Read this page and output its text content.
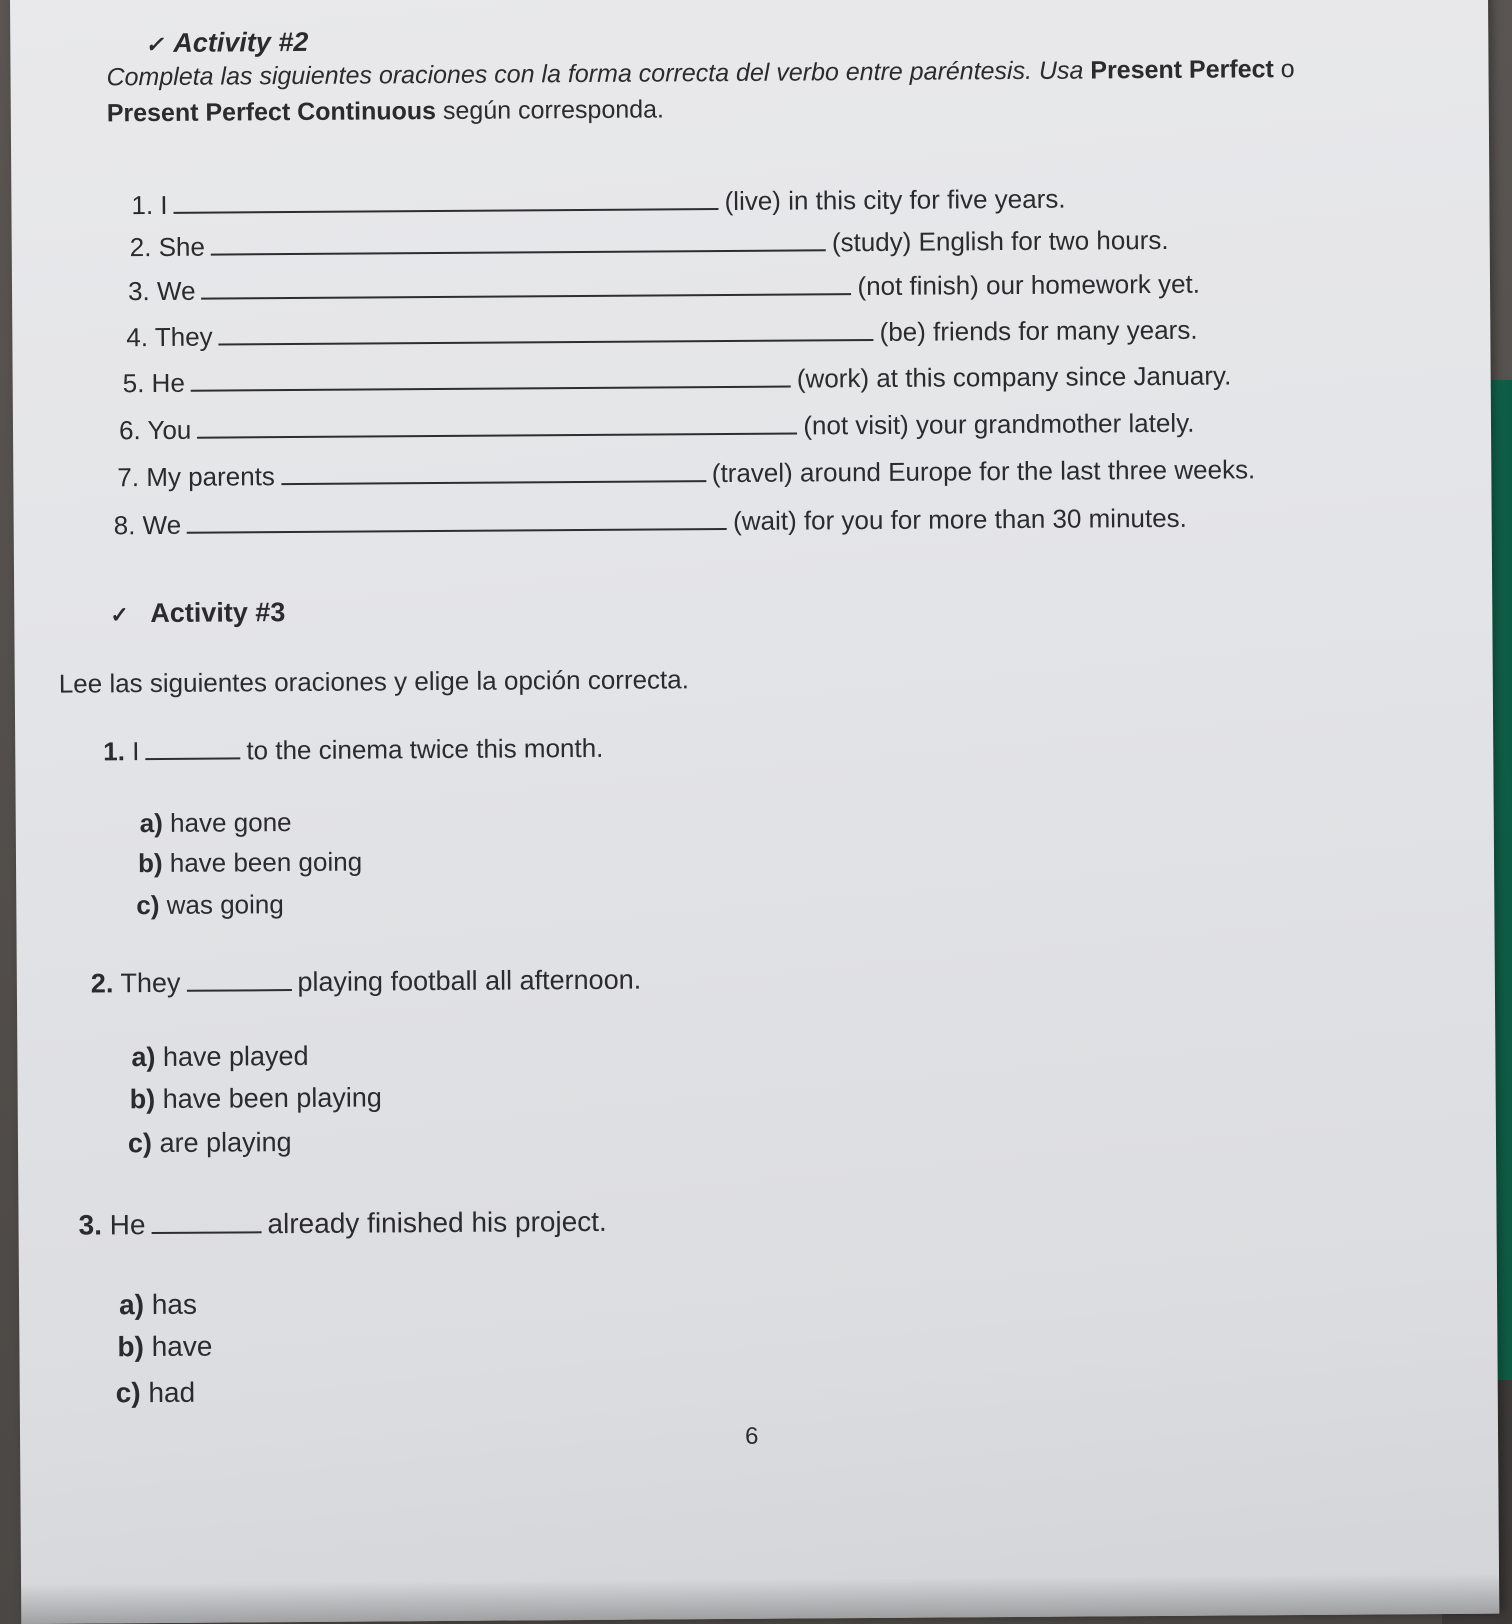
✓ Activity #2
Completa las siguientes oraciones con la forma correcta del verbo entre paréntesis. Usa Present Perfect o Present Perfect Continuous según corresponda.
1. I	(live) in this city for five years.
2. She	(study) English for two hours.
3. We	(not finish) our homework yet.
4. They	(be) friends for many years.
5. He	(work) at this company since January.
6. You	(not visit) your grandmother lately.
7. My parents	(travel) around Europe for the last three weeks.
8. We	(wait) for you for more than 30 minutes.
✓ Activity #3
Lee las siguientes oraciones y elige la opción correcta.
1. I	to the cinema twice this month.
a) have gone
b) have been going
c) was going
2. They	playing football all afternoon.
a) have played
b) have been playing
c) are playing
3. He	already finished his project.
a) has
b) have
c) had
6
